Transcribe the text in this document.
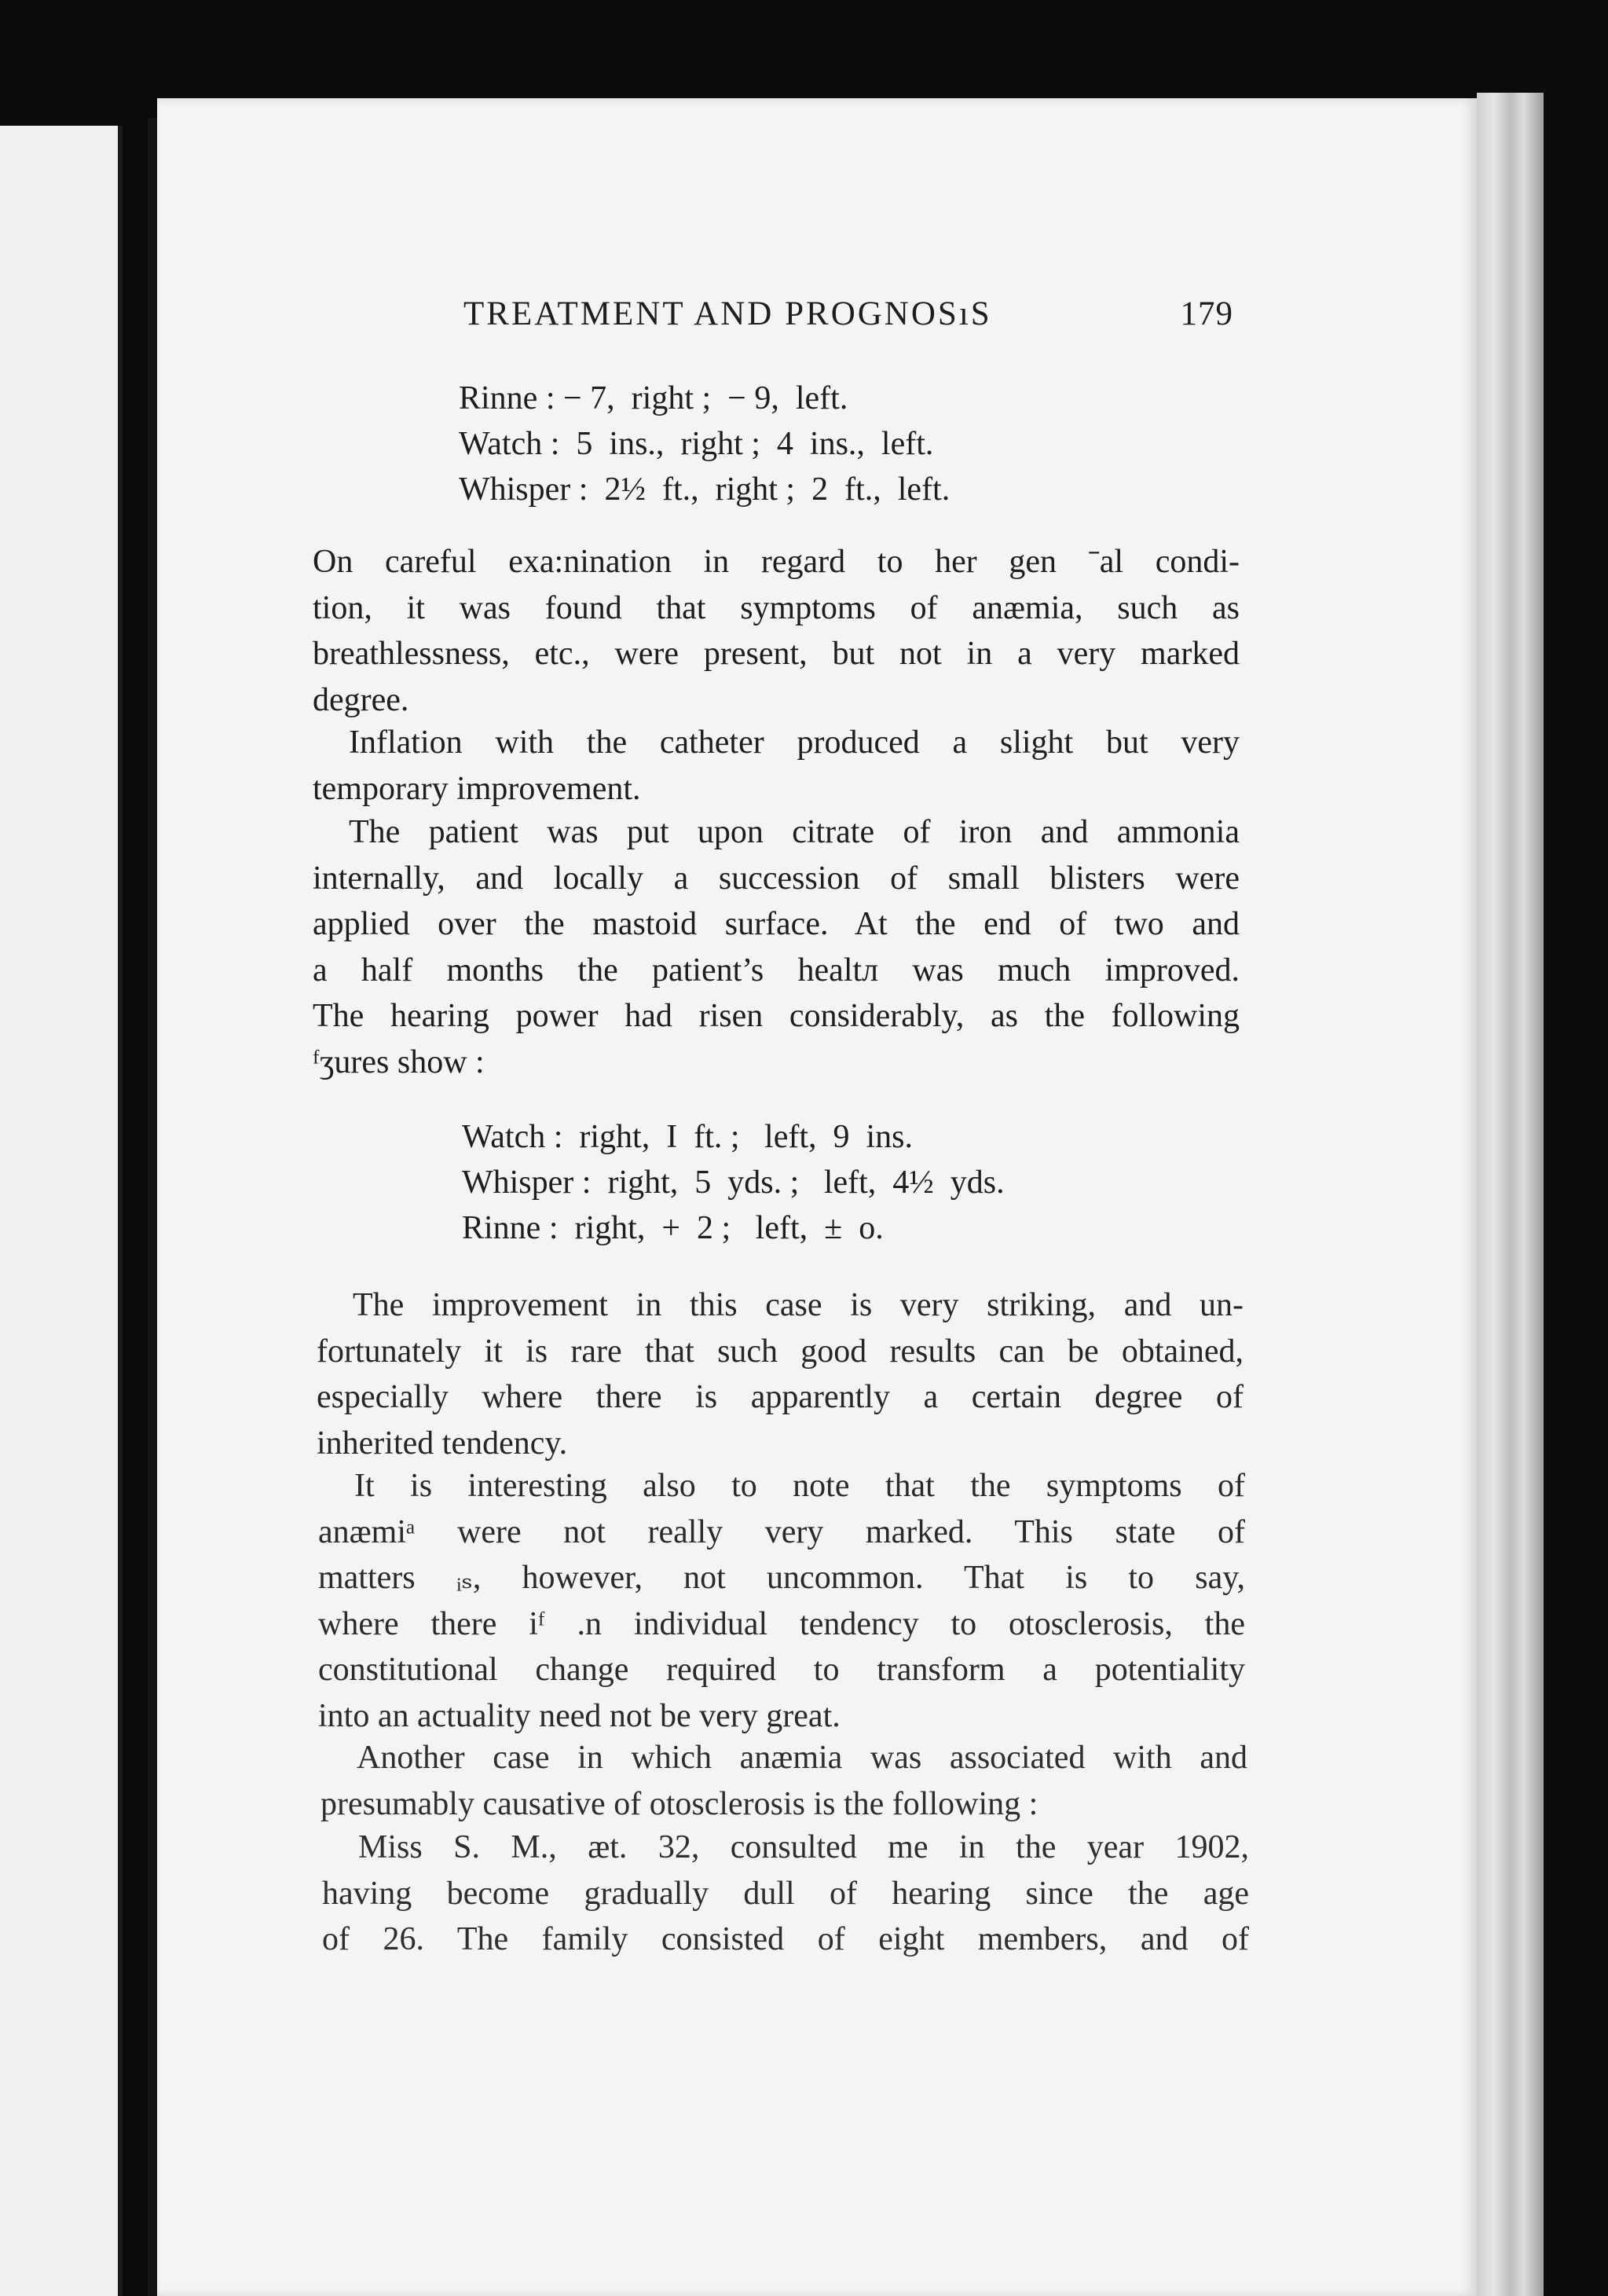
TREATMENT AND PROGNOSıS	179
Rinne : − 7,  right ;  − 9,  left.
Watch :  5  ins.,  right ;  4  ins.,  left.
Whisper :  2½  ft.,  right ;  2  ft.,  left.
On careful exa:nination in regard to her gen ˉal condi-
tion, it was found that symptoms of anæmia, such as
breathlessness, etc., were present, but not in a very marked
degree.
Inflation with the catheter produced a slight but very
temporary improvement.
The patient was put upon citrate of iron and ammonia
internally, and locally a succession of small blisters were
applied over the mastoid surface. At the end of two and
a half months the patient’s healtл was much improved.
The hearing power had risen considerably, as the following
ᶠʒures show :
Watch :  right,  I  ft. ;   left,  9  ins.
Whisper :  right,  5  yds. ;   left,  4½  yds.
Rinne :  right,  +  2 ;   left,  ±  o.
The improvement in this case is very striking, and un-
fortunately it is rare that such good results can be obtained,
especially where there is apparently a certain degree of
inherited tendency.
It is interesting also to note that the symptoms of
anæmiᵃ were not really very marked. This state of
matters ᵢₛ, however, not uncommon. That is to say,
where there iᶠ .n individual tendency to otosclerosis, the
constitutional change required to transform a potentiality
into an actuality need not be very great.
Another case in which anæmia was associated with and
presumably causative of otosclerosis is the following :
Miss S. M., æt. 32, consulted me in the year 1902,
having become gradually dull of hearing since the age
of 26. The family consisted of eight members, and of
